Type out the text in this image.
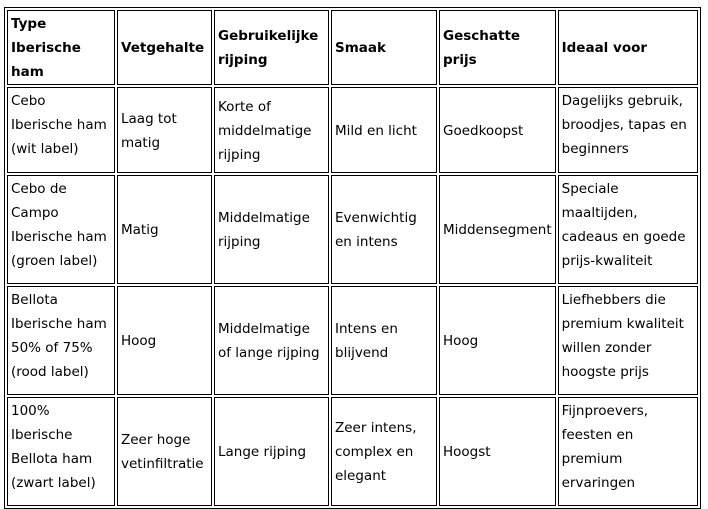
Type Iberische ham	Vetgehalte	Gebruikelijke rijping	Smaak	Geschatte prijs	Ideaal voor
Cebo Iberische ham (wit label)	Laag tot matig	Korte of middelmatige rijping	Mild en licht	Goedkoopst	Dagelijks gebruik, broodjes, tapas en beginners
Cebo de Campo Iberische ham (groen label)	Matig	Middelmatige rijping	Evenwichtig en intens	Middensegment	Speciale maaltijden, cadeaus en goede prijs-kwaliteit
Bellota Iberische ham 50% of 75% (rood label)	Hoog	Middelmatige of lange rijping	Intens en blijvend	Hoog	Liefhebbers die premium kwaliteit willen zonder hoogste prijs
100% Iberische Bellota ham (zwart label)	Zeer hoge vetinfiltratie	Lange rijping	Zeer intens, complex en elegant	Hoogst	Fijnproevers, feesten en premium ervaringen
